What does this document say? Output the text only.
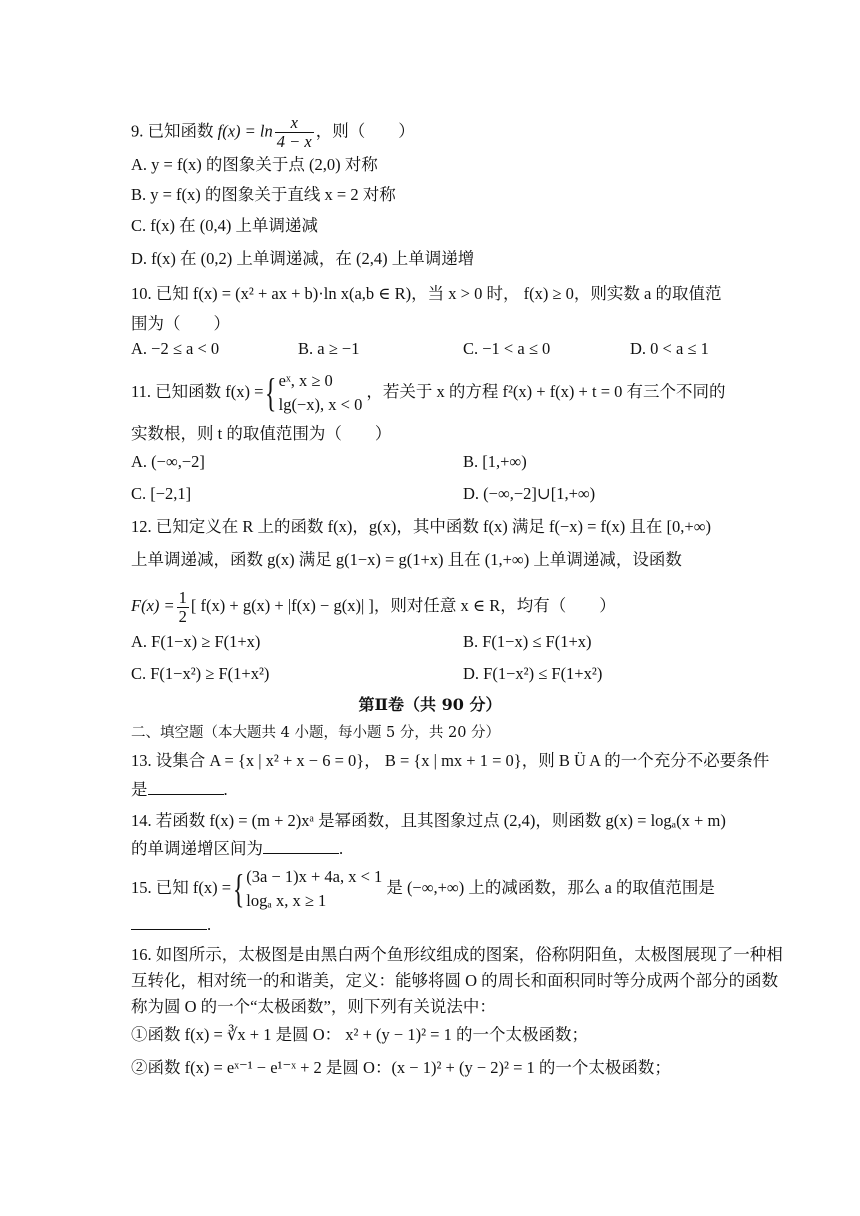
9. 已知函数 $f(x) = \ln \frac{x}{4 - x}$ ，则（　　）
A. y = f(x) 的图象关于点 (2,0) 对称
B. y = f(x) 的图象关于直线 x = 2 对称
C. f(x) 在 (0,4) 上单调递减
D. f(x) 在 (0,2) 上单调递减，在 (2,4) 上单调递增
10. 已知 f(x) = (x² + ax + b)·ln x(a,b ∈ R)，当 x > 0 时， f(x) ≥ 0，则实数 a 的取值范
围为（　　）
A. −2 ≤ a < 0	B. a ≥ −1	C. −1 < a ≤ 0	D. 0 < a ≤ 1
11. 已知函数 f(x) ={ eˣ, x ≥ 0
lg(−x), x < 0
，若关于 x 的方程 f²(x) + f(x) + t = 0 有三个不同的
实数根，则 t 的取值范围为（　　）
A. (−∞,−2]	B. [1,+∞)
C. [−2,1]	D. (−∞,−2]∪[1,+∞)
12. 已知定义在 R 上的函数 f(x)，g(x)，其中函数 f(x) 满足 f(−x) = f(x) 且在 [0,+∞)
上单调递减，函数 g(x) 满足 g(1−x) = g(1+x) 且在 (1,+∞) 上单调递减，设函数
$F(x) = \frac{1}{2}$ [ f(x) + g(x) + |f(x) − g(x)| ]，则对任意 x ∈ R，均有（　　）
A. F(1−x) ≥ F(1+x)	B. F(1−x) ≤ F(1+x)
C. F(1−x²) ≥ F(1+x²)	D. F(1−x²) ≤ F(1+x²)
第Ⅱ卷（共 90 分）
二、填空题（本大题共 4 小题，每小题 5 分，共 20 分）
13. 设集合 A = {x | x² + x − 6 = 0}， B = {x | mx + 1 = 0}，则 B Ü A 的一个充分不必要条件
是	.
14. 若函数 f(x) = (m + 2)xᵃ 是幂函数，且其图象过点 (2,4)，则函数 g(x) = logₐ(x + m)
的单调递增区间为	.
15. 已知 f(x) ={ (3a − 1)x + 4a, x < 1
logₐ x, x ≥ 1
是 (−∞,+∞) 上的减函数，那么 a 的取值范围是
.
16. 如图所示，太极图是由黑白两个鱼形纹组成的图案，俗称阴阳鱼，太极图展现了一种相
互转化，相对统一的和谐美，定义：能够将圆 O 的周长和面积同时等分成两个部分的函数
称为圆 O 的一个“太极函数”，则下列有关说法中：
①函数 f(x) = ∛x + 1 是圆 O： x² + (y − 1)² = 1 的一个太极函数；
②函数 f(x) = eˣ⁻¹ − e¹⁻ˣ + 2 是圆 O：(x − 1)² + (y − 2)² = 1 的一个太极函数；
